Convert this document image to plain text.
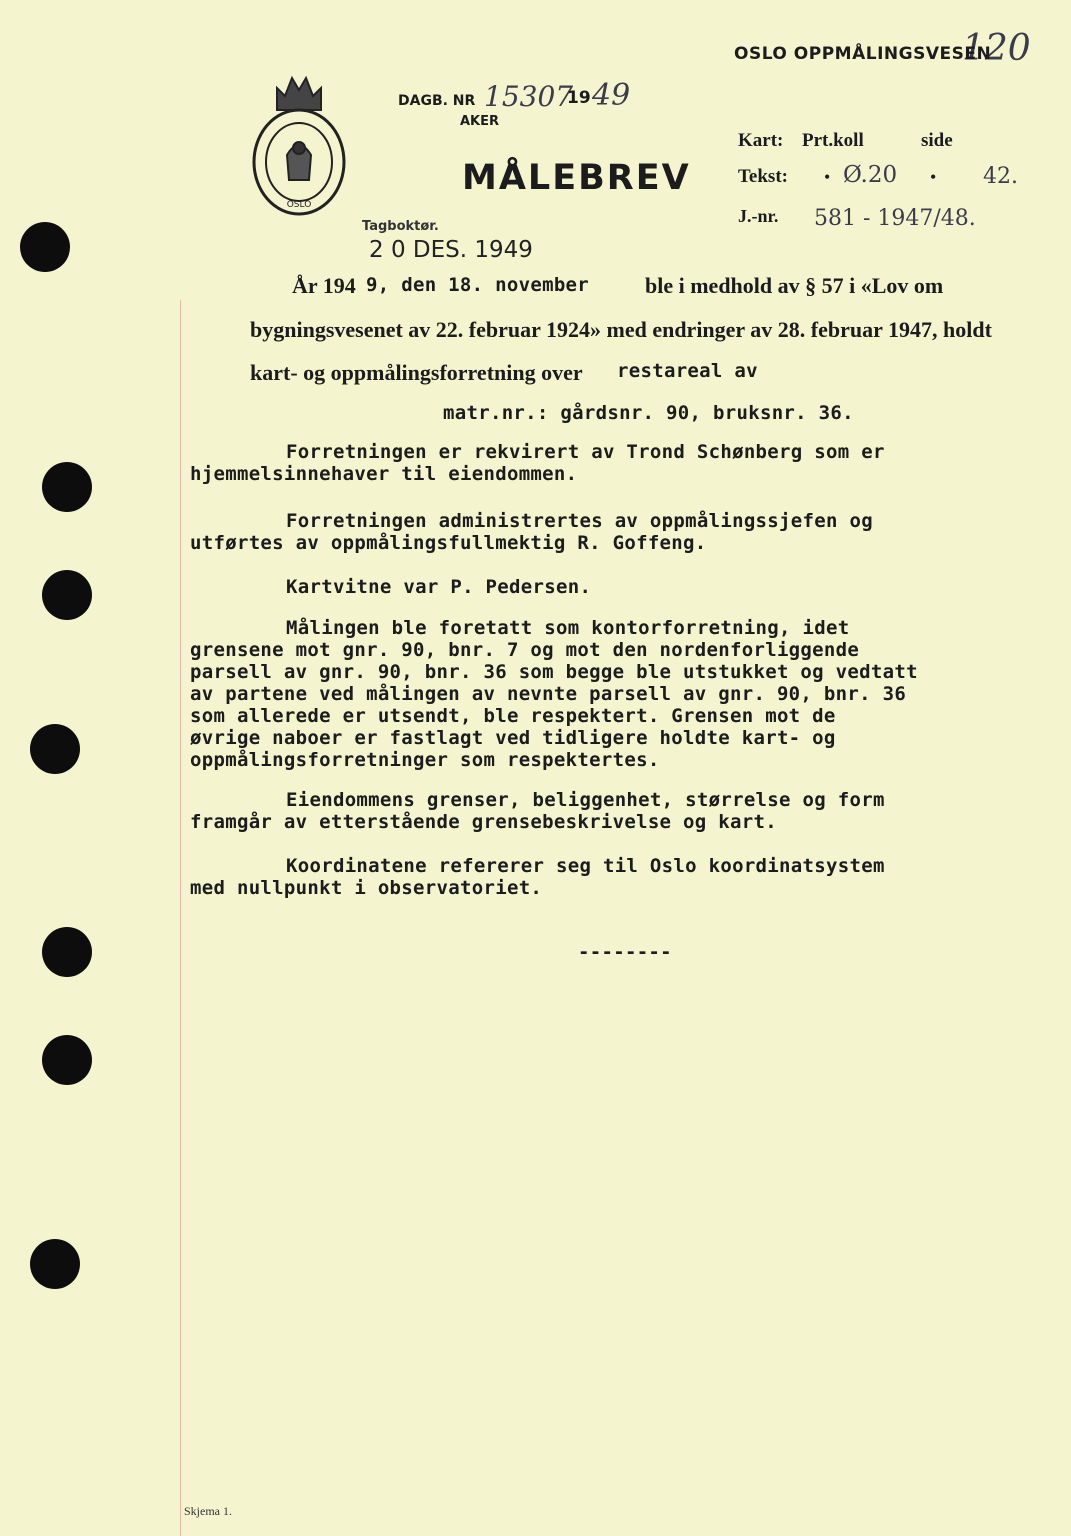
120
OSLO
DAGB. NR 15307
19 49
AKER
MÅLEBREV
Tagboktør.
2 0 DES. 1949
OSLO OPPMÅLINGSVESEN
Kart: Prt.koll	side
Tekst: • Ø.20 • 42.
J.-nr. 581 - 1947/48.
År 194 9, den 18. november	ble i medhold av § 57 i «Lov om
bygningsvesenet av 22. februar 1924» med endringer av 28. februar 1947, holdt
kart- og oppmålingsforretning over restareal av
matr.nr.: gårdsnr. 90, bruksnr. 36.
Forretningen er rekvirert av Trond Schønberg som er
hjemmelsinnehaver til eiendommen.
Forretningen administrertes av oppmålingssjefen og
utførtes av oppmålingsfullmektig R. Goffeng.
Kartvitne var P. Pedersen.
Målingen ble foretatt som kontorforretning, idet
grensene mot gnr. 90, bnr. 7 og mot den nordenforliggende
parsell av gnr. 90, bnr. 36 som begge ble utstukket og vedtatt
av partene ved målingen av nevnte parsell av gnr. 90, bnr. 36
som allerede er utsendt, ble respektert. Grensen mot de
øvrige naboer er fastlagt ved tidligere holdte kart- og
oppmålingsforretninger som respektertes.
Eiendommens grenser, beliggenhet, størrelse og form
framgår av etterstående grensebeskrivelse og kart.
Koordinatene refererer seg til Oslo koordinatsystem
med nullpunkt i observatoriet.
--------
Skjema 1.
